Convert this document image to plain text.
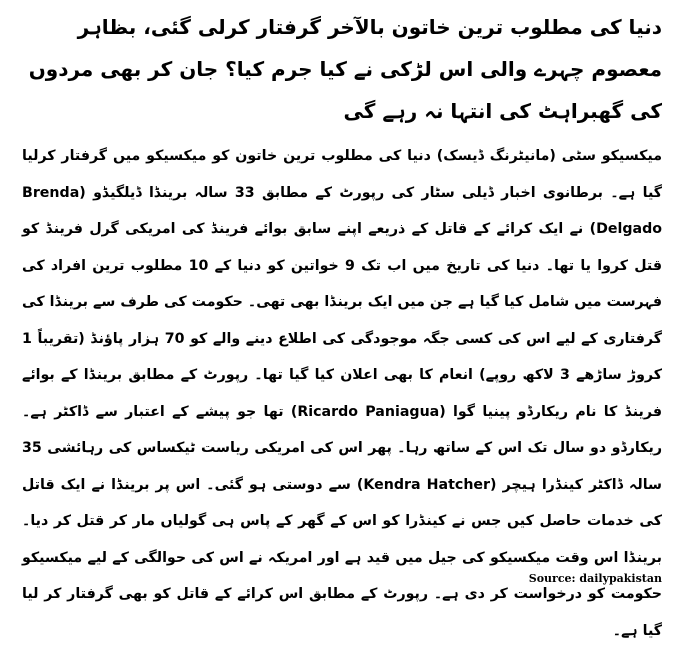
دنیا کی مطلوب ترین خاتون بالآخر گرفتار کرلی گئی، بظاہر معصوم چہرے والی اس لڑکی نے کیا جرم کیا؟ جان کر بھی مردوں کی گھبراہٹ کی انتہا نہ رہے گی

میکسیکو سٹی (مانیٹرنگ ڈیسک) دنیا کی مطلوب ترین خاتون کو میکسیکو میں گرفتار کرلیا گیا ہے۔ برطانوی اخبار ڈیلی سٹار کی رپورٹ کے مطابق 33 سالہ برینڈا ڈیلگیڈو (Brenda Delgado) نے ایک کرائے کے قاتل کے ذریعے اپنے سابق بوائے فرینڈ کی امریکی گرل فرینڈ کو قتل کروا یا تھا۔ دنیا کی تاریخ میں اب تک 9 خواتین کو دنیا کے 10 مطلوب ترین افراد کی فہرست میں شامل کیا گیا ہے جن میں ایک برینڈا بھی تھی۔ حکومت کی طرف سے برینڈا کی گرفتاری کے لیے اس کی کسی جگہ موجودگی کی اطلاع دینے والے کو 70 ہزار پاؤنڈ (تقریباً 1 کروڑ ساڑھے 3 لاکھ روپے) انعام کا بھی اعلان کیا گیا تھا۔ رپورٹ کے مطابق برینڈا کے بوائے فرینڈ کا نام ریکارڈو پینیا گوا (Ricardo Paniagua) تھا جو پیشے کے اعتبار سے ڈاکٹر ہے۔ ریکارڈو دو سال تک اس کے ساتھ رہا۔ پھر اس کی امریکی ریاست ٹیکساس کی رہائشی 35 سالہ ڈاکٹر کینڈرا ہیچر (Kendra Hatcher) سے دوستی ہو گئی۔ اس پر برینڈا نے ایک قاتل کی خدمات حاصل کیں جس نے کینڈرا کو اس کے گھر کے پاس ہی گولیاں مار کر قتل کر دیا۔ برینڈا اس وقت میکسیکو کی جیل میں قید ہے اور امریکہ نے اس کی حوالگی کے لیے میکسیکو حکومت کو درخواست کر دی ہے۔ رپورٹ کے مطابق اس کرائے کے قاتل کو بھی گرفتار کر لیا گیا ہے۔

Source: dailypakistan
